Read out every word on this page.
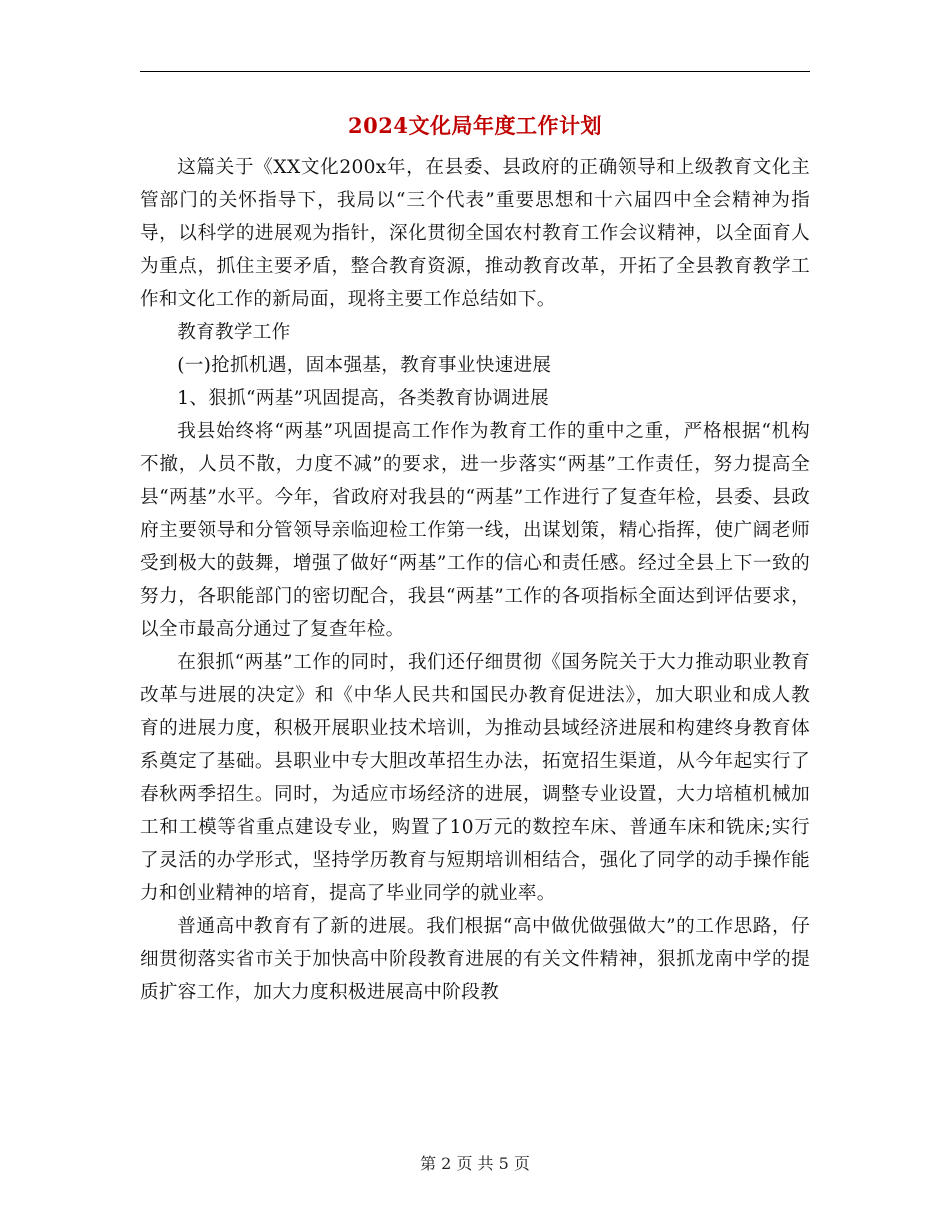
2024文化局年度工作计划

这篇关于《XX文化200x年，在县委、县政府的正确领导和上级教育文化主管部门的关怀指导下，我局以“三个代表”重要思想和十六届四中全会精神为指导，以科学的进展观为指针，深化贯彻全国农村教育工作会议精神，以全面育人为重点，抓住主要矛盾，整合教育资源，推动教育改革，开拓了全县教育教学工作和文化工作的新局面，现将主要工作总结如下。

教育教学工作

(一)抢抓机遇，固本强基，教育事业快速进展

1、狠抓“两基”巩固提高，各类教育协调进展

我县始终将“两基”巩固提高工作作为教育工作的重中之重，严格根据“机构不撤，人员不散，力度不减”的要求，进一步落实“两基”工作责任，努力提高全县“两基”水平。今年，省政府对我县的“两基”工作进行了复查年检，县委、县政府主要领导和分管领导亲临迎检工作第一线，出谋划策，精心指挥，使广阔老师受到极大的鼓舞，增强了做好“两基”工作的信心和责任感。经过全县上下一致的努力，各职能部门的密切配合，我县“两基”工作的各项指标全面达到评估要求，以全市最高分通过了复查年检。

在狠抓“两基”工作的同时，我们还仔细贯彻《国务院关于大力推动职业教育改革与进展的决定》和《中华人民共和国民办教育促进法》，加大职业和成人教育的进展力度，积极开展职业技术培训，为推动县域经济进展和构建终身教育体系奠定了基础。县职业中专大胆改革招生办法，拓宽招生渠道，从今年起实行了春秋两季招生。同时，为适应市场经济的进展，调整专业设置，大力培植机械加工和工模等省重点建设专业，购置了10万元的数控车床、普通车床和铣床;实行了灵活的办学形式，坚持学历教育与短期培训相结合，强化了同学的动手操作能力和创业精神的培育，提高了毕业同学的就业率。

普通高中教育有了新的进展。我们根据“高中做优做强做大”的工作思路，仔细贯彻落实省市关于加快高中阶段教育进展的有关文件精神，狠抓龙南中学的提质扩容工作，加大力度积极进展高中阶段教

第 2 页 共 5 页
